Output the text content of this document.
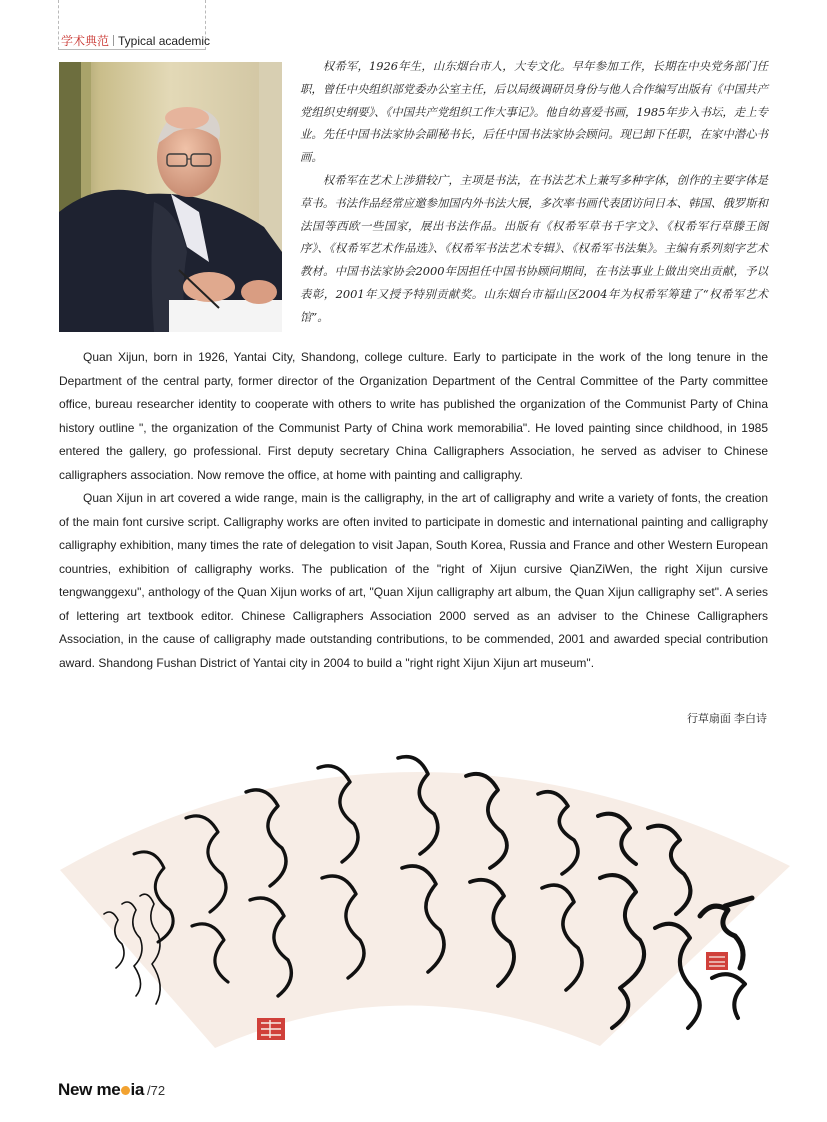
学术典范 Typical academic

权希军，1926年生，山东烟台市人，大专文化。早年参加工作，长期在中央党务部门任职，曾任中央组织部党委办公室主任，后以局级调研员身份与他人合作编写出版有《中国共产党组织史纲要》、《中国共产党组织工作大事记》。他自幼喜爱书画，1985年步入书坛，走上专业。先任中国书法家协会副秘书长，后任中国书法家协会顾问。现已卸下任职，在家中潜心书画。

权希军在艺术上涉猎较广，主项是书法，在书法艺术上兼写多种字体，创作的主要字体是草书。书法作品经常应邀参加国内外书法大展，多次率书画代表团访问日本、韩国、俄罗斯和法国等西欧一些国家，展出书法作品。出版有《权希军草书千字文》、《权希军行草滕王阁序》、《权希军艺术作品选》、《权希军书法艺术专辑》、《权希军书法集》。主编有系列刻字艺术教材。中国书法家协会2000年因担任中国书协顾问期间，在书法事业上做出突出贡献，予以表彰，2001年又授予特别贡献奖。山东烟台市福山区2004年为权希军筹建了“权希军艺术馆”。

Quan Xijun, born in 1926, Yantai City, Shandong, college culture. Early to participate in the work of the long tenure in the Department of the central party, former director of the Organization Department of the Central Committee of the Party committee office, bureau researcher identity to cooperate with others to write has published the organization of the Communist Party of China history outline ", the organization of the Communist Party of China work memorabilia". He loved painting since childhood, in 1985 entered the gallery, go professional. First deputy secretary China Calligraphers Association, he served as adviser to Chinese calligraphers association. Now remove the office, at home with painting and calligraphy.

Quan Xijun in art covered a wide range, main is the calligraphy, in the art of calligraphy and write a variety of fonts, the creation of the main font cursive script. Calligraphy works are often invited to participate in domestic and international painting and calligraphy calligraphy exhibition, many times the rate of delegation to visit Japan, South Korea, Russia and France and other Western European countries, exhibition of calligraphy works. The publication of the "right of Xijun cursive QianZiWen, the right Xijun cursive tengwanggexu", anthology of the Quan Xijun works of art, "Quan Xijun calligraphy art album, the Quan Xijun calligraphy set". A series of lettering art textbook editor. Chinese Calligraphers Association 2000 served as an adviser to the Chinese Calligraphers Association, in the cause of calligraphy made outstanding contributions, to be commended, 2001 and awarded special contribution award. Shandong Fushan District of Yantai city in 2004 to build a "right right Xijun Xijun art museum".

行草扇面 李白诗
New me ia /72
